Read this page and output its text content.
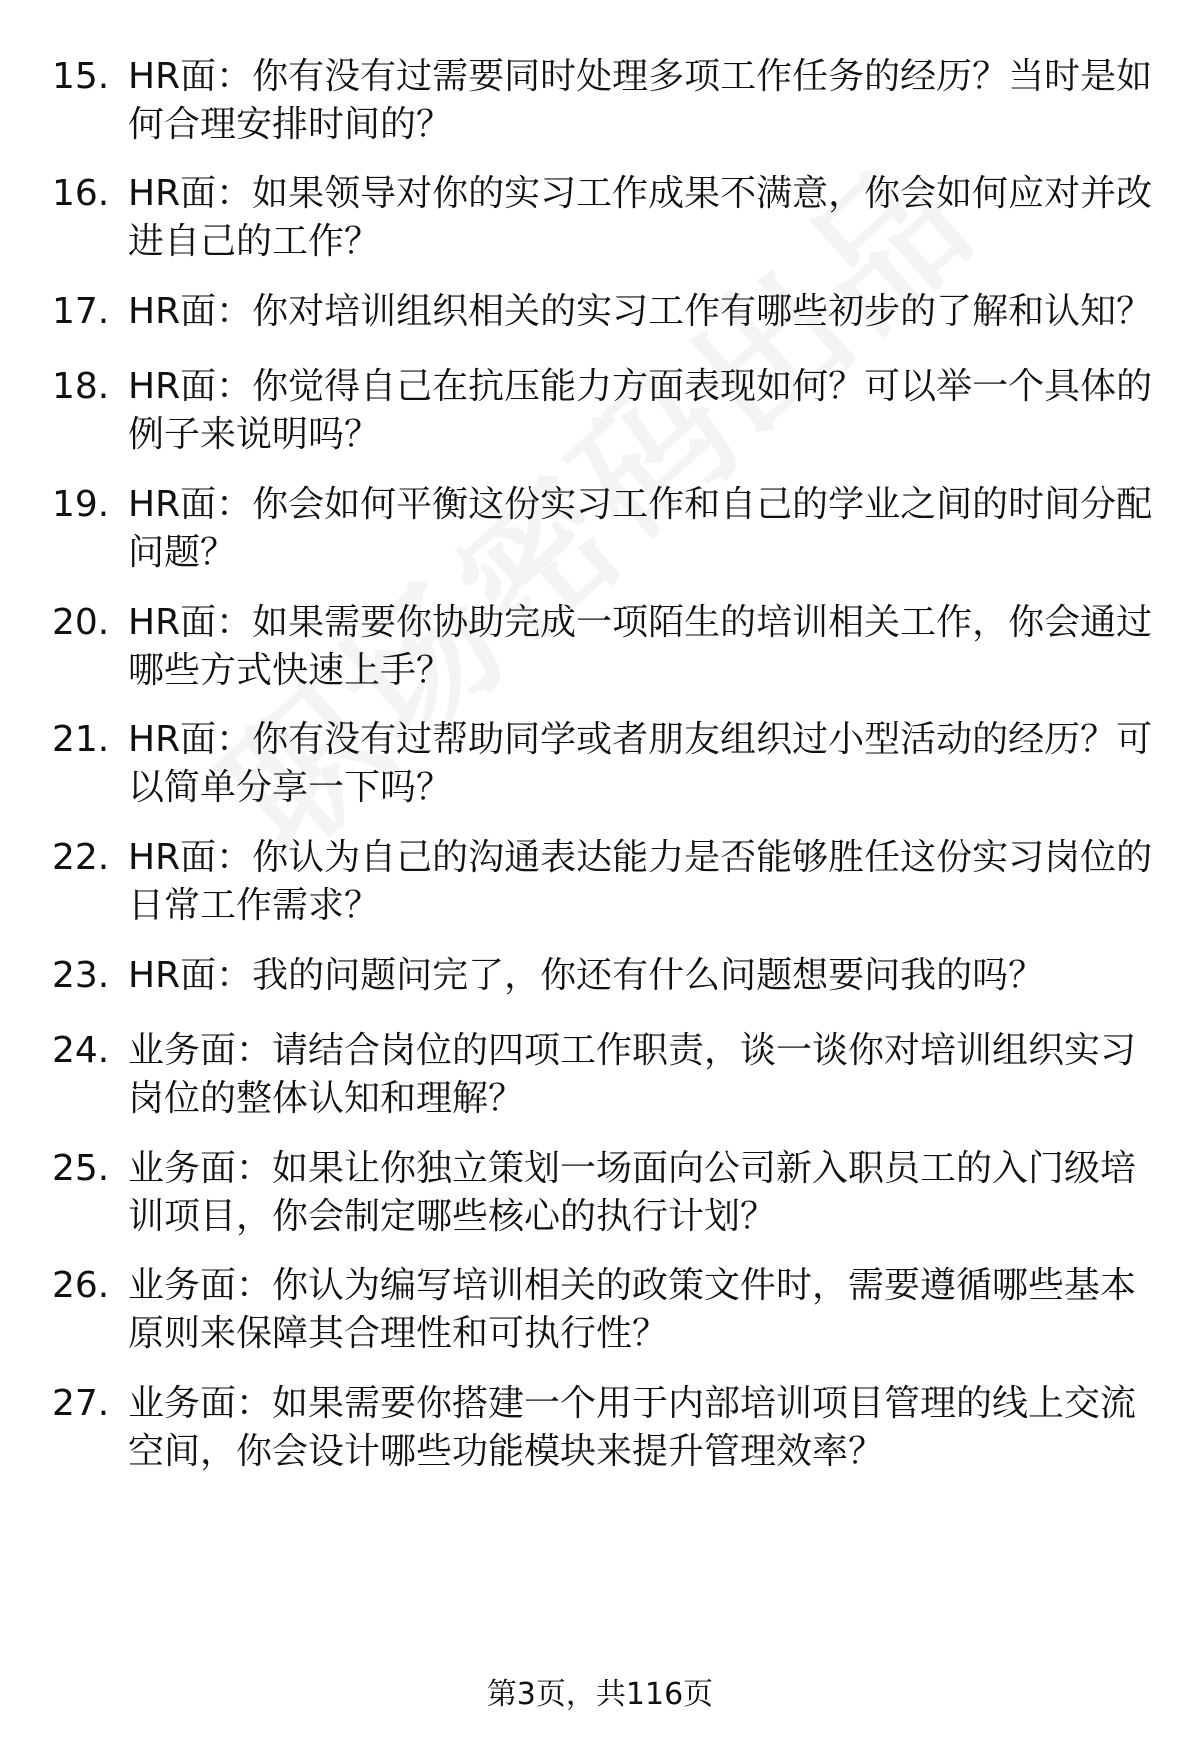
15. HR面：你有没有过需要同时处理多项工作任务的经历？当时是如何合理安排时间的？
16. HR面：如果领导对你的实习工作成果不满意，你会如何应对并改进自己的工作？
17. HR面：你对培训组织相关的实习工作有哪些初步的了解和认知？
18. HR面：你觉得自己在抗压能力方面表现如何？可以举一个具体的例子来说明吗？
19. HR面：你会如何平衡这份实习工作和自己的学业之间的时间分配问题？
20. HR面：如果需要你协助完成一项陌生的培训相关工作，你会通过哪些方式快速上手？
21. HR面：你有没有过帮助同学或者朋友组织过小型活动的经历？可以简单分享一下吗？
22. HR面：你认为自己的沟通表达能力是否能够胜任这份实习岗位的日常工作需求？
23. HR面：我的问题问完了，你还有什么问题想要问我的吗？
24. 业务面：请结合岗位的四项工作职责，谈一谈你对培训组织实习岗位的整体认知和理解？
25. 业务面：如果让你独立策划一场面向公司新入职员工的入门级培训项目，你会制定哪些核心的执行计划？
26. 业务面：你认为编写培训相关的政策文件时，需要遵循哪些基本原则来保障其合理性和可执行性？
27. 业务面：如果需要你搭建一个用于内部培训项目管理的线上交流空间，你会设计哪些功能模块来提升管理效率？
第3页，共116页
